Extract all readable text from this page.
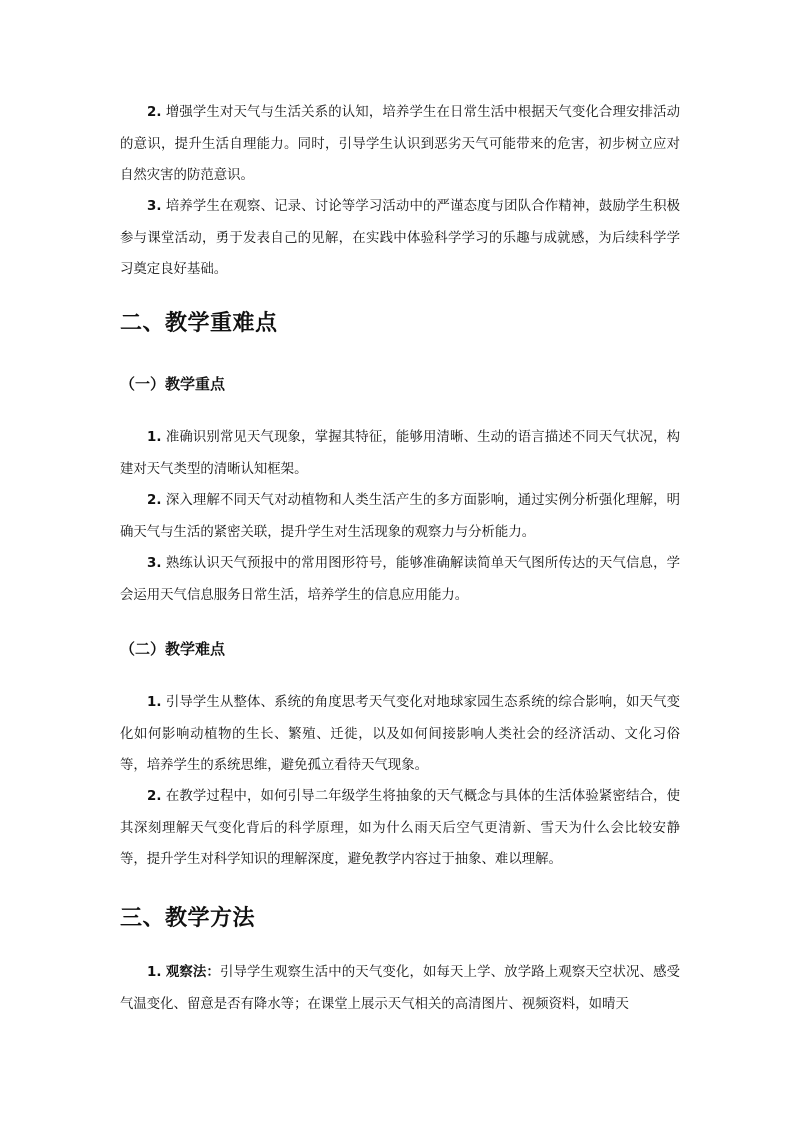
2. 增强学生对天气与生活关系的认知，培养学生在日常生活中根据天气变化合理安排活动的意识，提升生活自理能力。同时，引导学生认识到恶劣天气可能带来的危害，初步树立应对自然灾害的防范意识。

3. 培养学生在观察、记录、讨论等学习活动中的严谨态度与团队合作精神，鼓励学生积极参与课堂活动，勇于发表自己的见解，在实践中体验科学学习的乐趣与成就感，为后续科学学习奠定良好基础。

二、教学重难点
（一）教学重点

1. 准确识别常见天气现象，掌握其特征，能够用清晰、生动的语言描述不同天气状况，构建对天气类型的清晰认知框架。

2. 深入理解不同天气对动植物和人类生活产生的多方面影响，通过实例分析强化理解，明确天气与生活的紧密关联，提升学生对生活现象的观察力与分析能力。

3. 熟练认识天气预报中的常用图形符号，能够准确解读简单天气图所传达的天气信息，学会运用天气信息服务日常生活，培养学生的信息应用能力。

（二）教学难点

1. 引导学生从整体、系统的角度思考天气变化对地球家园生态系统的综合影响，如天气变化如何影响动植物的生长、繁殖、迁徙，以及如何间接影响人类社会的经济活动、文化习俗等，培养学生的系统思维，避免孤立看待天气现象。

2. 在教学过程中，如何引导二年级学生将抽象的天气概念与具体的生活体验紧密结合，使其深刻理解天气变化背后的科学原理，如为什么雨天后空气更清新、雪天为什么会比较安静等，提升学生对科学知识的理解深度，避免教学内容过于抽象、难以理解。

三、教学方法

1. 观察法：引导学生观察生活中的天气变化，如每天上学、放学路上观察天空状况、感受气温变化、留意是否有降水等；在课堂上展示天气相关的高清图片、视频资料，如晴天
